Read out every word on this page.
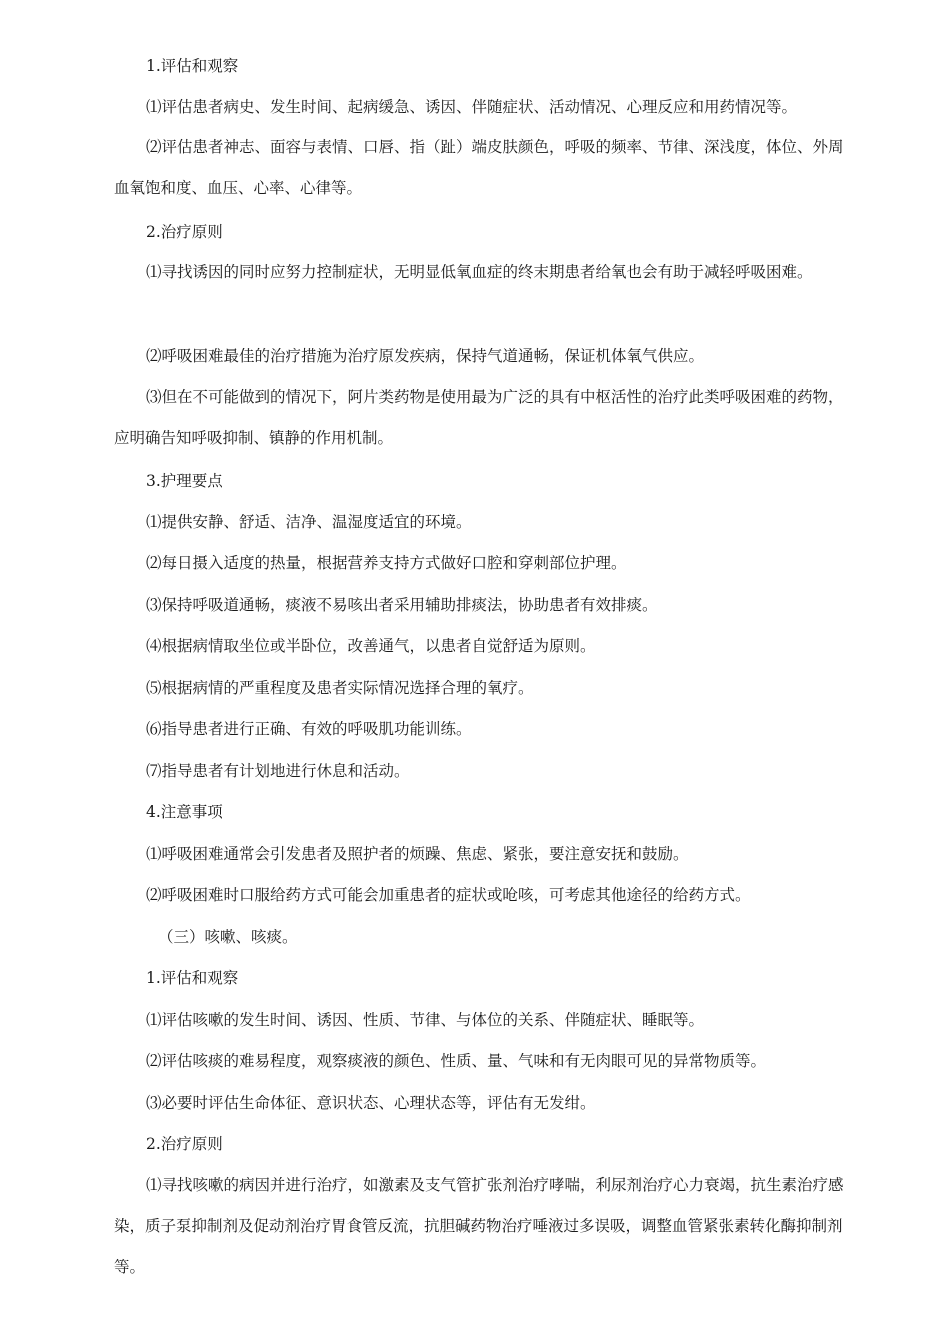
1.评估和观察
⑴评估患者病史、发生时间、起病缓急、诱因、伴随症状、活动情况、心理反应和用药情况等。
⑵评估患者神志、面容与表情、口唇、指（趾）端皮肤颜色，呼吸的频率、节律、深浅度，体位、外周血氧饱和度、血压、心率、心律等。
2.治疗原则
⑴寻找诱因的同时应努力控制症状，无明显低氧血症的终末期患者给氧也会有助于减轻呼吸困难。
⑵呼吸困难最佳的治疗措施为治疗原发疾病，保持气道通畅，保证机体氧气供应。
⑶但在不可能做到的情况下，阿片类药物是使用最为广泛的具有中枢活性的治疗此类呼吸困难的药物，应明确告知呼吸抑制、镇静的作用机制。
3.护理要点
⑴提供安静、舒适、洁净、温湿度适宜的环境。
⑵每日摄入适度的热量，根据营养支持方式做好口腔和穿刺部位护理。
⑶保持呼吸道通畅，痰液不易咳出者采用辅助排痰法，协助患者有效排痰。
⑷根据病情取坐位或半卧位，改善通气，以患者自觉舒适为原则。
⑸根据病情的严重程度及患者实际情况选择合理的氧疗。
⑹指导患者进行正确、有效的呼吸肌功能训练。
⑺指导患者有计划地进行休息和活动。
4.注意事项
⑴呼吸困难通常会引发患者及照护者的烦躁、焦虑、紧张，要注意安抚和鼓励。
⑵呼吸困难时口服给药方式可能会加重患者的症状或呛咳，可考虑其他途径的给药方式。
（三）咳嗽、咳痰。
1.评估和观察
⑴评估咳嗽的发生时间、诱因、性质、节律、与体位的关系、伴随症状、睡眠等。
⑵评估咳痰的难易程度，观察痰液的颜色、性质、量、气味和有无肉眼可见的异常物质等。
⑶必要时评估生命体征、意识状态、心理状态等，评估有无发绀。
2.治疗原则
⑴寻找咳嗽的病因并进行治疗，如激素及支气管扩张剂治疗哮喘，利尿剂治疗心力衰竭，抗生素治疗感染，质子泵抑制剂及促动剂治疗胃食管反流，抗胆碱药物治疗唾液过多误吸，调整血管紧张素转化酶抑制剂等。
